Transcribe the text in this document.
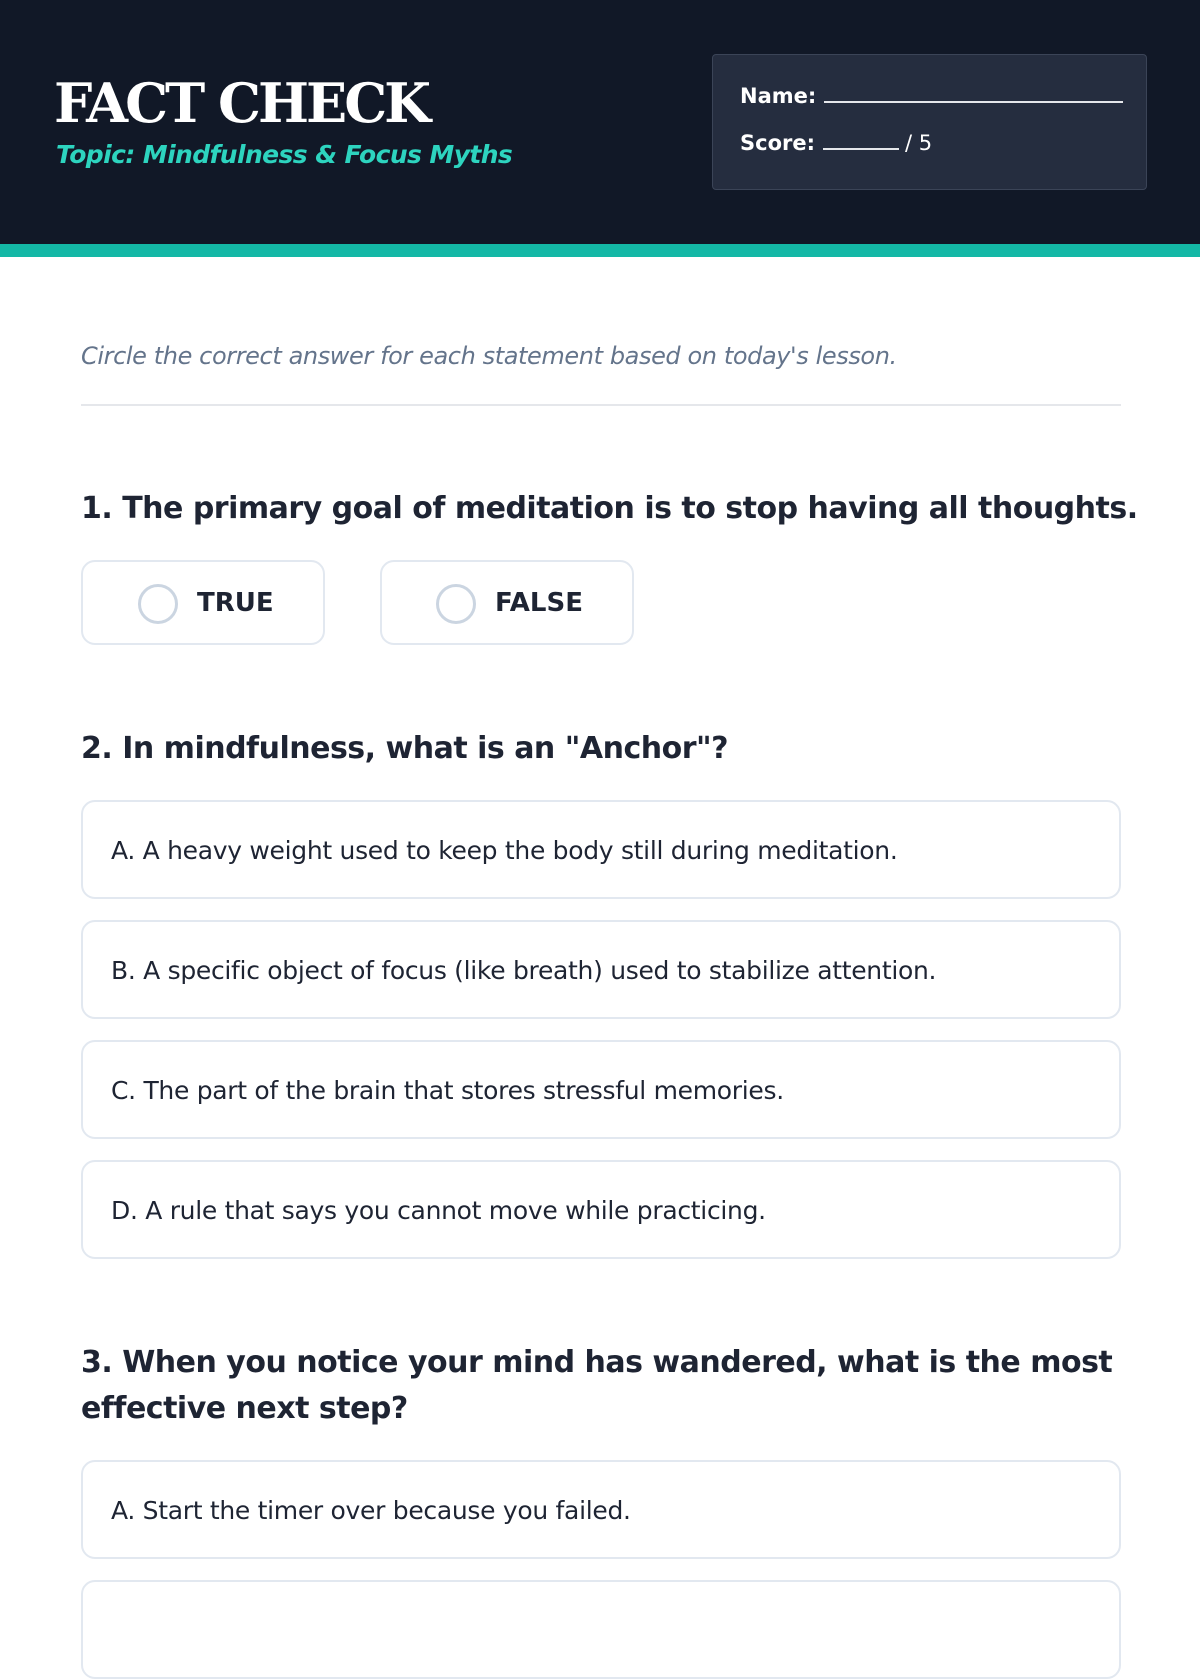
FACT CHECK
Topic: Mindfulness & Focus Myths
Name:
Score:	/ 5
Circle the correct answer for each statement based on today's lesson.
1. The primary goal of meditation is to stop having all thoughts.
TRUE	FALSE
2. In mindfulness, what is an "Anchor"?
A. A heavy weight used to keep the body still during meditation.
B. A specific object of focus (like breath) used to stabilize attention.
C. The part of the brain that stores stressful memories.
D. A rule that says you cannot move while practicing.
3. When you notice your mind has wandered, what is the most effective next step?
A. Start the timer over because you failed.
